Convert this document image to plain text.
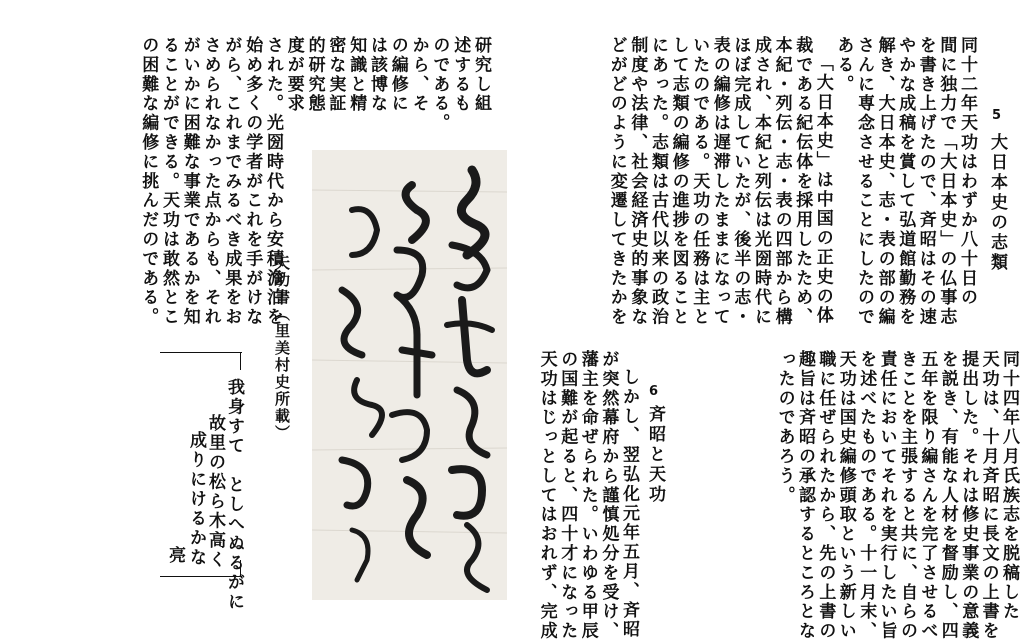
5
大日本史の志類
同十二年天功はわずか八十日の
間に独力で「大日本史」の仏事志
を書き上げたので、斉昭はその速
やかな成稿を賞して弘道館勤務を
解き、大日本史、志・表の部の編
さんに専念させることにしたので
ある。
「大日本史」は中国の正史の体
裁である紀伝体を採用したため、
本紀・列伝・志・表の四部から構
成され、本紀と列伝は光圀時代に
ほぼ完成していたが、後半の志・
表の編修は遅滞したままになって
いたのである。天功の任務は主と
して志類の編修の進捗を図ること
にあった。志類は古代以来の政治
制度や法律、社会経済史的事象な
どがどのように変遷してきたかを
研究し組
述するも
のである。
から、そ
の編修に
は該博な
知識と精
密な実証
的研究態
度が要求
された。光圀時代から安積澹泊を
始め多くの学者がこれを手がけな
がら、これまでみるべき成果をお
さめられなかった点からも、それ
がいかに困難な事業であるかを知
ることができる。天功は敢然とこ
の困難な編修に挑んだのである。
同十四年八月氏族志を脱稿した
天功は、十月斉昭に長文の上書を
提出した。それは修史事業の意義
を説き、有能な人材を督励し、四
五年を限り編さんを完了させるべ
きことを主張すると共に、自らの
責任においてそれを実行したい旨
を述べたものである。十一月末、
天功は国史編修頭取という新しい
職に任ぜられたから、先の上書の
趣旨は斉昭の承認するところとな
ったのであろう。
6
斉昭と天功
しかし、翌弘化元年五月、斉昭
が突然幕府から謹慎処分を受け、
藩主を命ぜられた。いわゆる甲辰
の国難が起ると、四十才になった
天功はじっとしてはおれず、完成
天功書（里美村史所載）
我身すて　としへぬるがに
故里の松ら木高く
成りにけるかな
亮
